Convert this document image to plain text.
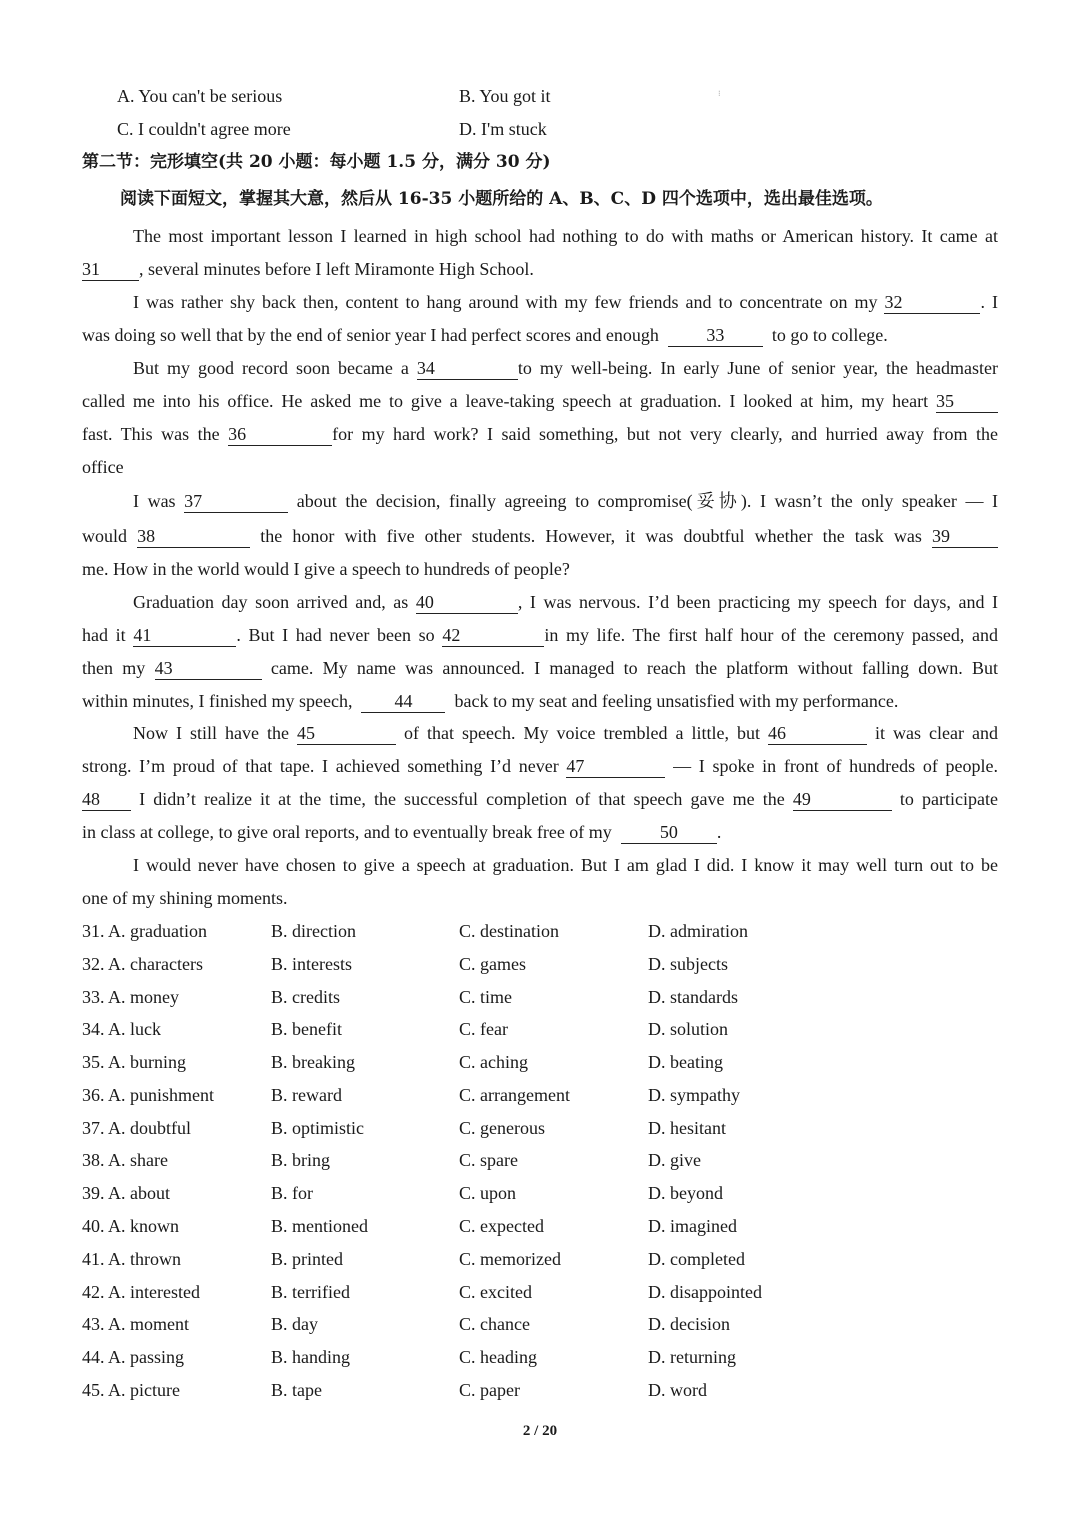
⁝
A. You can't be serious	B. You got it
C. I couldn't agree more	D. I'm stuck
第二节：完形填空(共 20 小题：每小题 1.5 分，满分 30 分)
阅读下面短文，掌握其大意，然后从 16-35 小题所给的 A、B、C、D 四个选项中，选出最佳选项。
The most important lesson I learned in high school had nothing to do with maths or American history. It came at
31 , several minutes before I left Miramonte High School.
I was rather shy back then, content to hang around with my few friends and to concentrate on my 32	. I
was doing so well that by the end of senior year I had perfect scores and enough	33	to go to college.
But my good record soon became a 34	to my well-being. In early June of senior year, the headmaster
called me into his office. He asked me to give a leave-taking speech at graduation. I looked at him, my heart 35
fast. This was the 36	for my hard work? I said something, but not very clearly, and hurried away from the
office
I was 37	about the decision, finally agreeing to compromise(妥协). I wasn’t the only speaker — I
would 38	the honor with five other students. However, it was doubtful whether the task was 39
me. How in the world would I give a speech to hundreds of people?
Graduation day soon arrived and, as 40	, I was nervous. I’d been practicing my speech for days, and I
had it 41	. But I had never been so 42	in my life. The first half hour of the ceremony passed, and
then my 43	came. My name was announced. I managed to reach the platform without falling down. But
within minutes, I finished my speech, 44 back to my seat and feeling unsatisfied with my performance.
Now I still have the 45	of that speech. My voice trembled a little, but 46	it was clear and
strong. I’m proud of that tape. I achieved something I’d never 47	— I spoke in front of hundreds of people.
48 I didn’t realize it at the time, the successful completion of that speech gave me the 49	to participate
in class at college, to give oral reports, and to eventually break free of my	50 .
I would never have chosen to give a speech at graduation. But I am glad I did. I know it may well turn out to be
one of my shining moments.
31. A. graduation	B. direction	C. destination	D. admiration
32. A. characters	B. interests	C. games	D. subjects
33. A. money	B. credits	C. time	D. standards
34. A. luck	B. benefit	C. fear	D. solution
35. A. burning	B. breaking	C. aching	D. beating
36. A. punishment	B. reward	C. arrangement	D. sympathy
37. A. doubtful	B. optimistic	C. generous	D. hesitant
38. A. share	B. bring	C. spare	D. give
39. A. about	B. for	C. upon	D. beyond
40. A. known	B. mentioned	C. expected	D. imagined
41. A. thrown	B. printed	C. memorized	D. completed
42. A. interested	B. terrified	C. excited	D. disappointed
43. A. moment	B. day	C. chance	D. decision
44. A. passing	B. handing	C. heading	D. returning
45. A. picture	B. tape	C. paper	D. word
2 / 20
